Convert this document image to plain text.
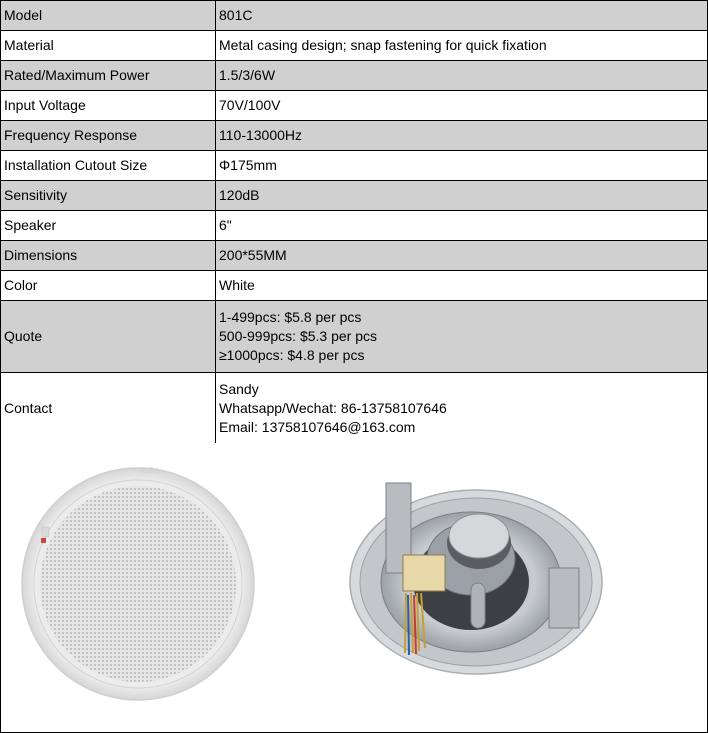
Model	801C
Material	Metal casing design; snap fastening for quick fixation
Rated/Maximum Power	1.5/3/6W
Input Voltage	70V/100V
Frequency Response	110-13000Hz
Installation Cutout Size	Φ175mm
Sensitivity	120dB
Speaker	6"
Dimensions	200*55MM
Color	White
Quote	1-499pcs: $5.8 per pcs
500-999pcs: $5.3 per pcs
≥1000pcs: $4.8 per pcs

Contact	Sandy
Whatsapp/Wechat: 86-13758107646
Email: 13758107646@163.com
Aoflin
